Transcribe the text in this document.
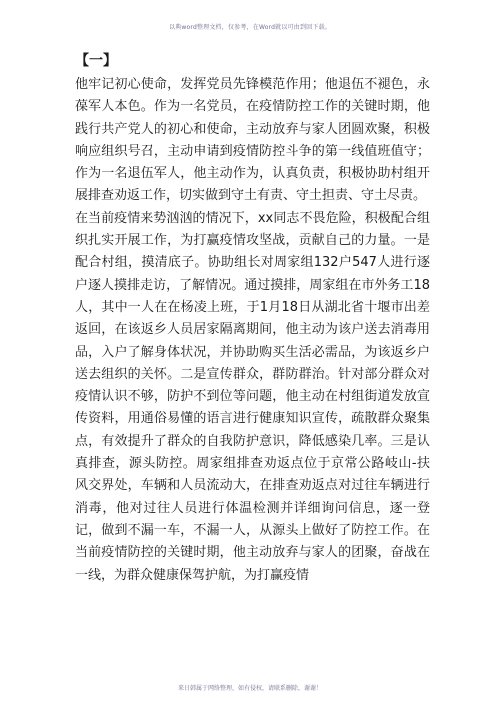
以典word整理文档，仅参考，在Word就以可由到回下载。
【一】

他牢记初心使命，发挥党员先锋模范作用；他退伍不褪色，永葆军人本色。作为一名党员，在疫情防控工作的关键时期，他践行共产党人的初心和使命，主动放弃与家人团圆欢聚，积极响应组织号召，主动申请到疫情防控斗争的第一线值班值守；作为一名退伍军人，他主动作为，认真负责，积极协助村组开展排查劝返工作，切实做到守土有责、守土担责、守土尽责。

在当前疫情来势汹汹的情况下，xx同志不畏危险，积极配合组织扎实开展工作，为打赢疫情攻坚战，贡献自己的力量。一是配合村组，摸清底子。协助组长对周家组132户547人进行逐户逐人摸排走访，了解情况。通过摸排，周家组在市外务工18人，其中一人在在杨凌上班，于1月18日从湖北省十堰市出差返回，在该返乡人员居家隔离期间，他主动为该户送去消毒用品，入户了解身体状况，并协助购买生活必需品，为该返乡户送去组织的关怀。二是宣传群众，群防群治。针对部分群众对疫情认识不够，防护不到位等问题，他主动在村组街道发放宣传资料，用通俗易懂的语言进行健康知识宣传，疏散群众聚集点，有效提升了群众的自我防护意识，降低感染几率。三是认真排查，源头防控。周家组排查劝返点位于京常公路岐山-扶风交界处，车辆和人员流动大，在排查劝返点对过往车辆进行消毒，他对过往人员进行体温检测并详细询问信息，逐一登记，做到不漏一车，不漏一人，从源头上做好了防控工作。在当前疫情防控的关键时期，他主动放弃与家人的团聚，奋战在一线，为群众健康保驾护航，为打赢疫情

来日韩属于网络整理，如有侵权，请联系删除，谢谢！
